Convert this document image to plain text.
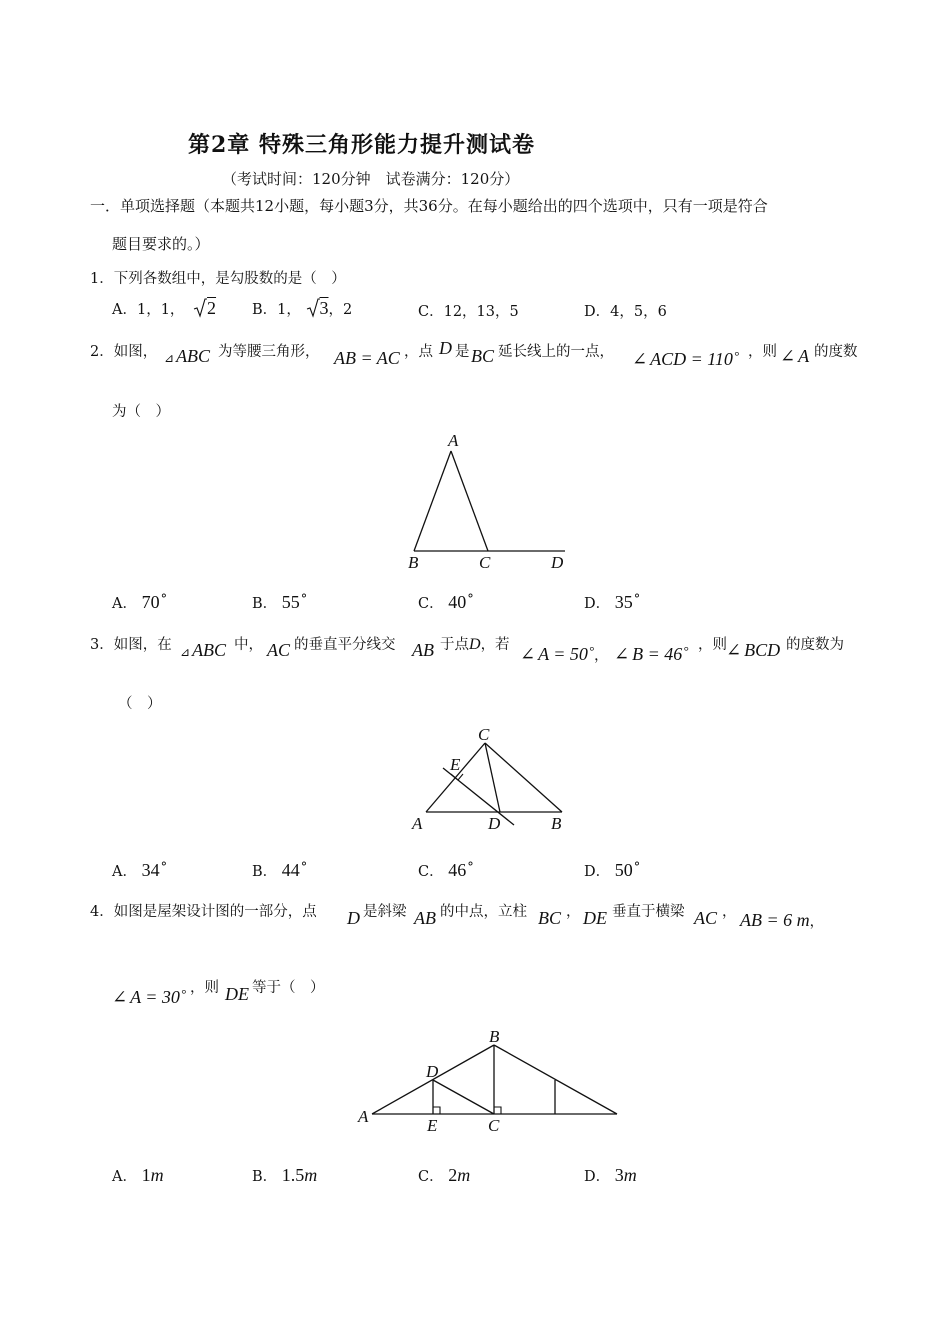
第2章 特殊三角形能力提升测试卷
（考试时间：120分钟　试卷满分：120分）
一．单项选择题（本题共12小题，每小题3分，共36分。在每小题给出的四个选项中，只有一项是符合
题目要求的。）
1．下列各数组中，是勾股数的是（　）
A．1，1， 2 B．1， 3，2	C．12，13，5	D．4，5，6
2．如图， ⊿ ABC 为等腰三角形， AB = AC ，点 D 是 BC 延长线上的一点， ∠ ACD = 110° ，则 ∠ A 的度数
为（　）
A
B	C	D
A． 70°	B． 55°	C． 40°	D． 35°
3．如图，在 ⊿ ABC 中， AC 的垂直平分线交 AB 于点D，若 ∠ A = 50°， ∠ B = 46° ，则 ∠ BCD 的度数为
（　）
C
E
A	D	B
A． 34°	B． 44°	C． 46°	D． 50°
4．如图是屋架设计图的一部分，点 D 是斜梁 AB 的中点，立柱 BC ， DE 垂直于横梁 AC ， AB = 6 m，
∠ A = 30° ，则 DE 等于（　）
B
D
A	E	C
A． 1m	B． 1.5m	C． 2m	D． 3m
